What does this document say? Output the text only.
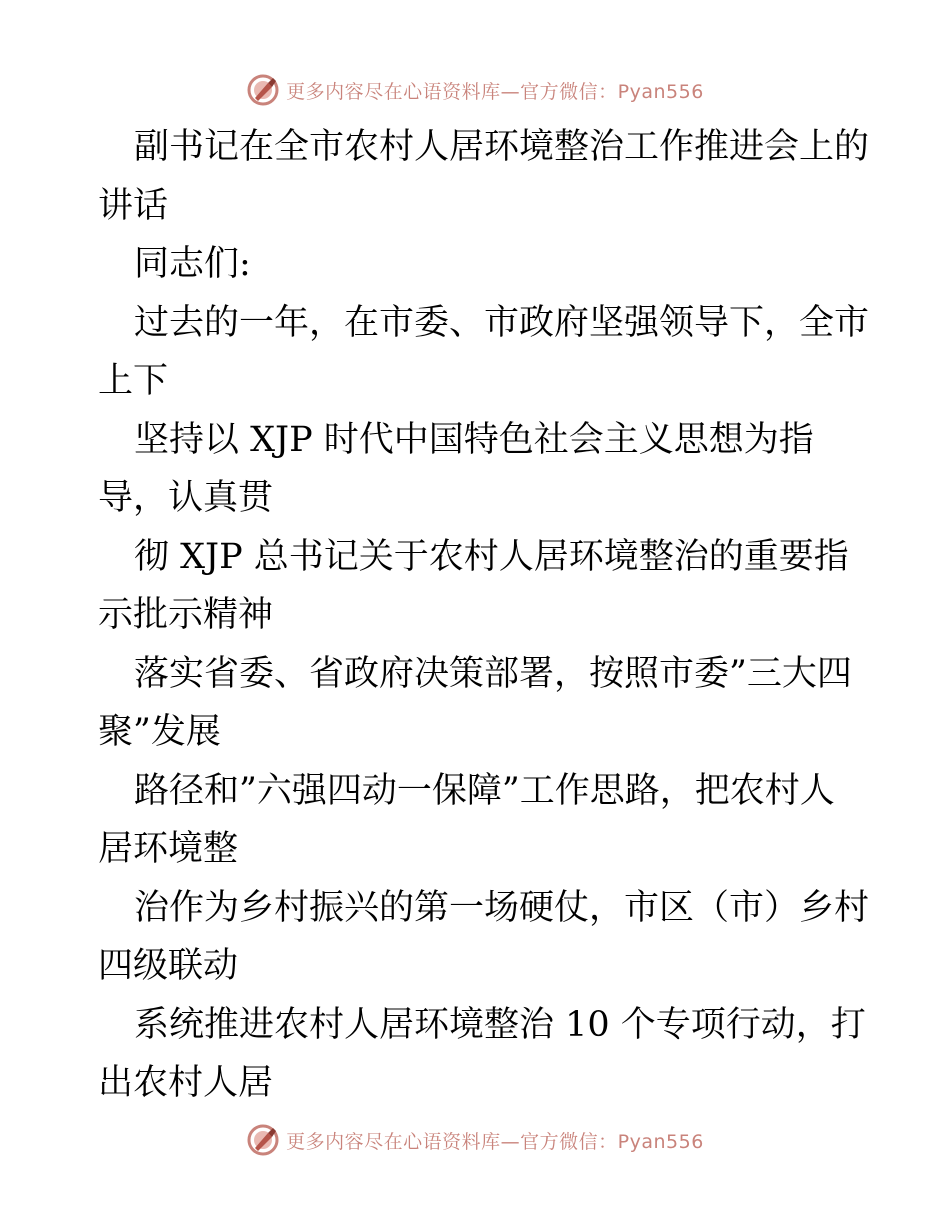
更多内容尽在心语资料库—官方微信：Pyan556
副书记在全市农村人居环境整治工作推进会上的
讲话
同志们:
过去的一年，在市委、市政府坚强领导下，全市
上下
坚持以 XJP 时代中国特色社会主义思想为指
导，认真贯
彻 XJP 总书记关于农村人居环境整治的重要指
示批示精神
落实省委、省政府决策部署，按照市委”三大四
聚”发展
路径和”六强四动一保障”工作思路，把农村人
居环境整
治作为乡村振兴的第一场硬仗，市区（市）乡村
四级联动
系统推进农村人居环境整治 10 个专项行动，打
出农村人居
更多内容尽在心语资料库—官方微信：Pyan556
